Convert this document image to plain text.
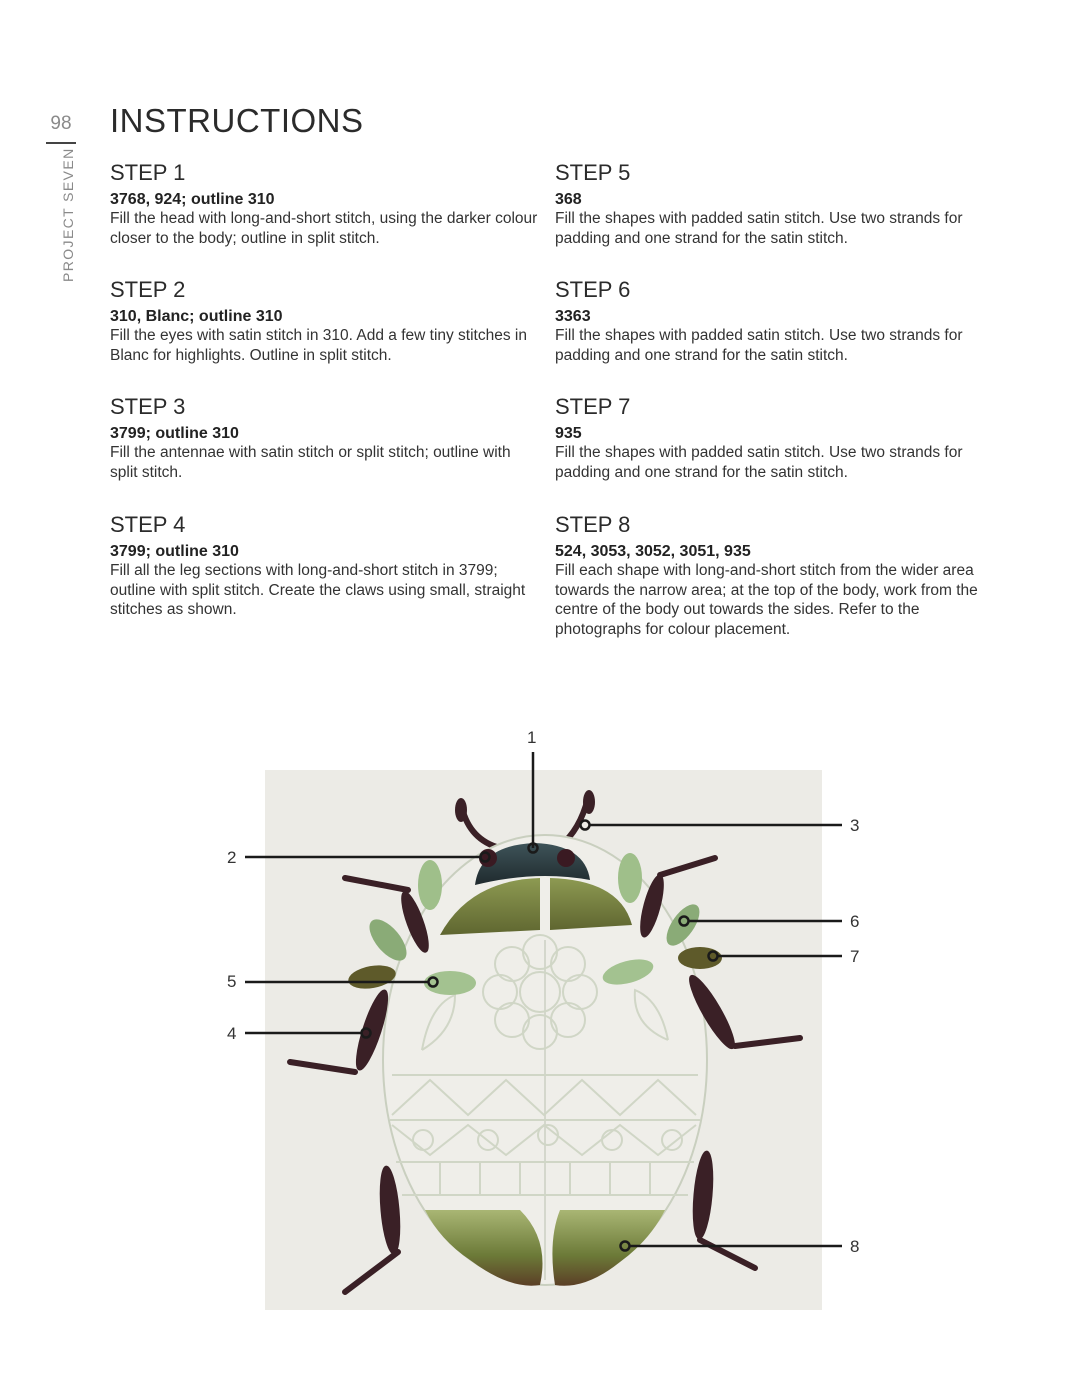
98
PROJECT SEVEN
INSTRUCTIONS
STEP 1
3768, 924; outline 310
Fill the head with long-and-short stitch, using the darker colour closer to the body; outline in split stitch.
STEP 2
310, Blanc; outline 310
Fill the eyes with satin stitch in 310. Add a few tiny stitches in Blanc for highlights. Outline in split stitch.
STEP 3
3799; outline 310
Fill the antennae with satin stitch or split stitch; outline with split stitch.
STEP 4
3799; outline 310
Fill all the leg sections with long-and-short stitch in 3799; outline with split stitch. Create the claws using small, straight stitches as shown.
STEP 5
368
Fill the shapes with padded satin stitch. Use two strands for padding and one strand for the satin stitch.
STEP 6
3363
Fill the shapes with padded satin stitch. Use two strands for padding and one strand for the satin stitch.
STEP 7
935
Fill the shapes with padded satin stitch. Use two strands for padding and one strand for the satin stitch.
STEP 8
524, 3053, 3052, 3051, 935
Fill each shape with long-and-short stitch from the wider area towards the narrow area; at the top of the body, work from the centre of the body out towards the sides. Refer to the photographs for colour placement.
1
2
3
4
5
6
7
8
